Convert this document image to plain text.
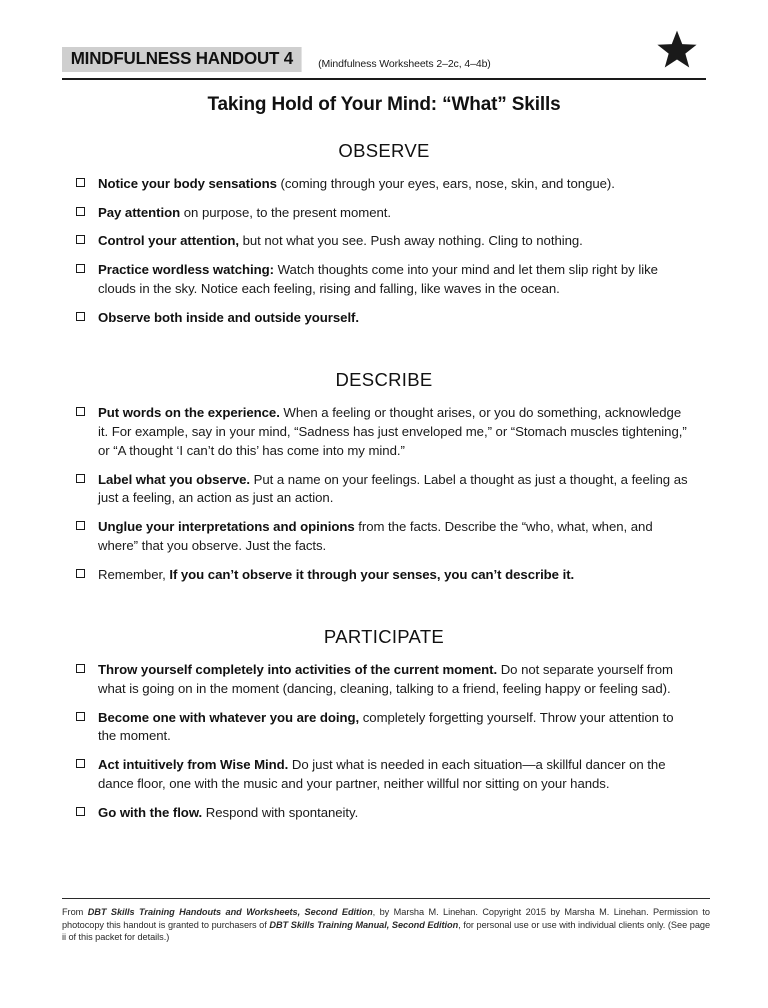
MINDFULNESS HANDOUT 4	(Mindfulness Worksheets 2–2c, 4–4b)
Taking Hold of Your Mind: “What” Skills
OBSERVE
Notice your body sensations (coming through your eyes, ears, nose, skin, and tongue).
Pay attention on purpose, to the present moment.
Control your attention, but not what you see. Push away nothing. Cling to nothing.
Practice wordless watching: Watch thoughts come into your mind and let them slip right by like clouds in the sky. Notice each feeling, rising and falling, like waves in the ocean.
Observe both inside and outside yourself.
DESCRIBE
Put words on the experience. When a feeling or thought arises, or you do something, acknowledge it. For example, say in your mind, “Sadness has just enveloped me,” or “Stomach muscles tightening,” or “A thought ‘I can’t do this’ has come into my mind.”
Label what you observe. Put a name on your feelings. Label a thought as just a thought, a feeling as just a feeling, an action as just an action.
Unglue your interpretations and opinions from the facts. Describe the “who, what, when, and where” that you observe. Just the facts.
Remember, If you can’t observe it through your senses, you can’t describe it.
PARTICIPATE
Throw yourself completely into activities of the current moment. Do not separate yourself from what is going on in the moment (dancing, cleaning, talking to a friend, feeling happy or feeling sad).
Become one with whatever you are doing, completely forgetting yourself. Throw your attention to the moment.
Act intuitively from Wise Mind. Do just what is needed in each situation—a skillful dancer on the dance floor, one with the music and your partner, neither willful nor sitting on your hands.
Go with the flow. Respond with spontaneity.
From DBT Skills Training Handouts and Worksheets, Second Edition, by Marsha M. Linehan. Copyright 2015 by Marsha M. Linehan. Permission to photocopy this handout is granted to purchasers of DBT Skills Training Manual, Second Edition, for personal use or use with individual clients only. (See page ii of this packet for details.)
